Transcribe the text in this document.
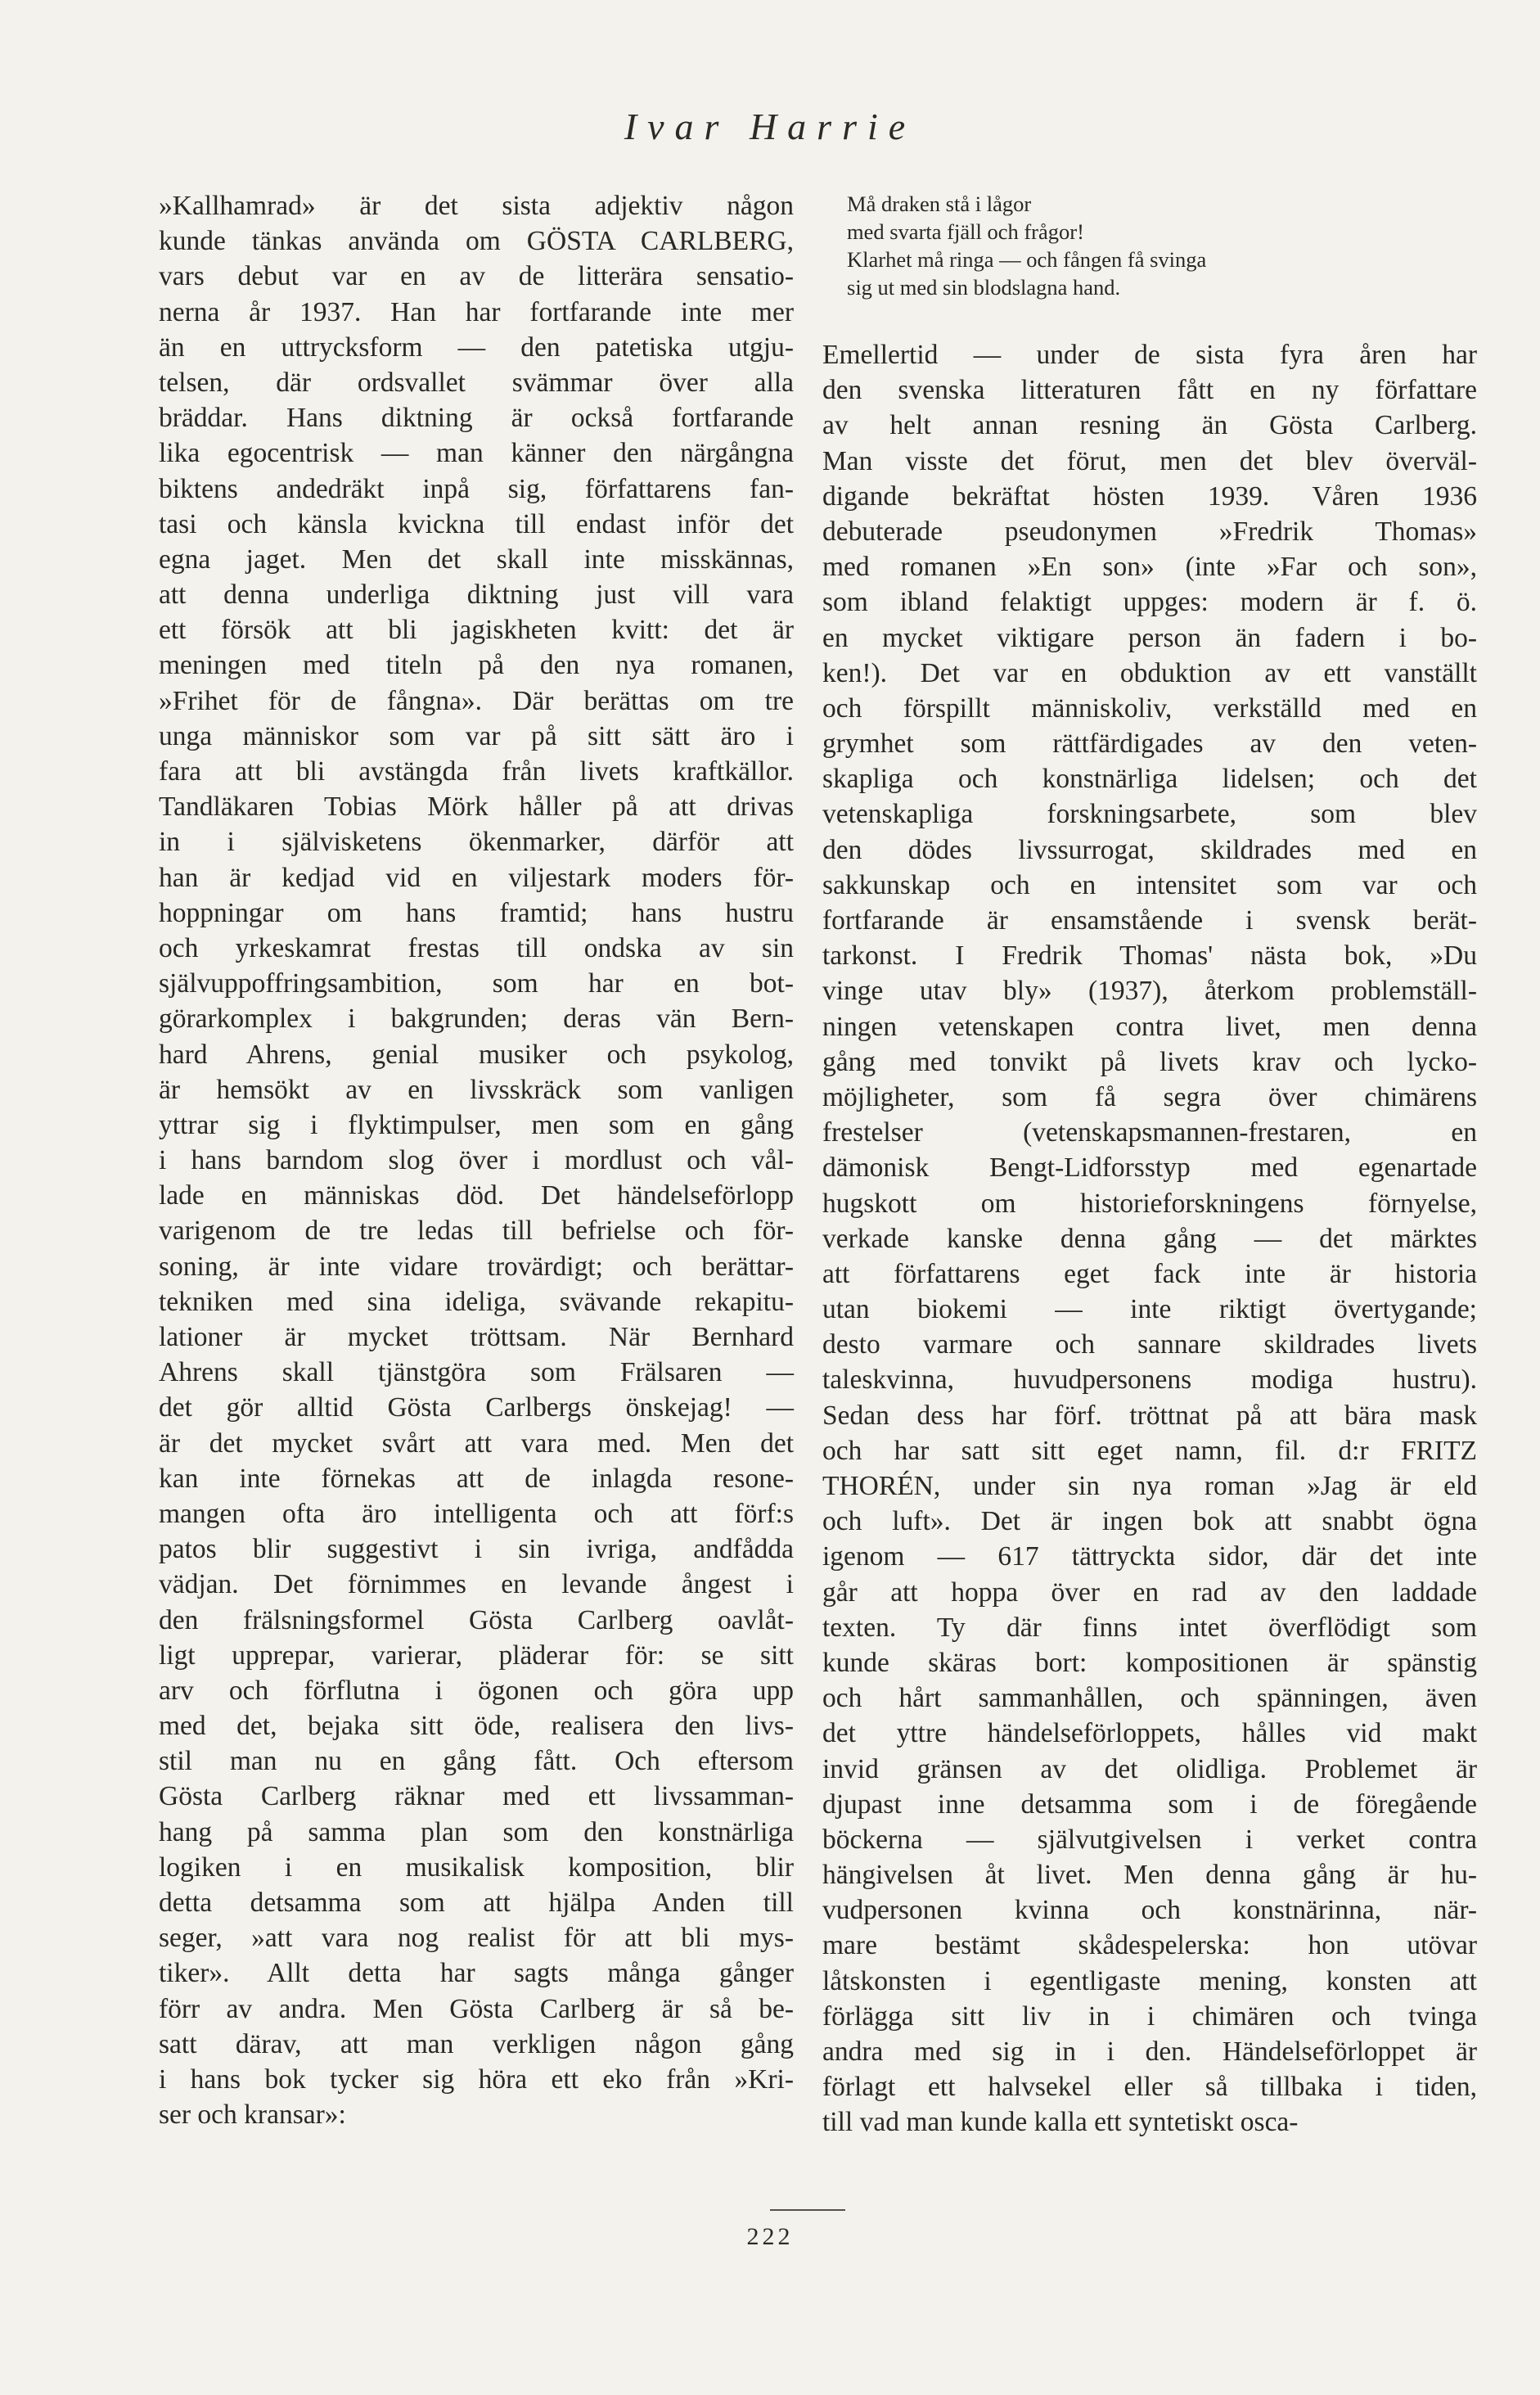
Ivar Harrie
»Kallhamrad» är det sista adjektiv någon
kunde tänkas använda om GÖSTA CARLBERG,
vars debut var en av de litterära sensatio-
nerna år 1937. Han har fortfarande inte mer
än en uttrycksform — den patetiska utgju-
telsen, där ordsvallet svämmar över alla
bräddar. Hans diktning är också fortfarande
lika egocentrisk — man känner den närgångna
biktens andedräkt inpå sig, författarens fan-
tasi och känsla kvickna till endast inför det
egna jaget. Men det skall inte misskännas,
att denna underliga diktning just vill vara
ett försök att bli jagiskheten kvitt: det är
meningen med titeln på den nya romanen,
»Frihet för de fångna». Där berättas om tre
unga människor som var på sitt sätt äro i
fara att bli avstängda från livets kraftkällor.
Tandläkaren Tobias Mörk håller på att drivas
in i självisketens ökenmarker, därför att
han är kedjad vid en viljestark moders för-
hoppningar om hans framtid; hans hustru
och yrkeskamrat frestas till ondska av sin
självuppoffringsambition, som har en bot-
görarkomplex i bakgrunden; deras vän Bern-
hard Ahrens, genial musiker och psykolog,
är hemsökt av en livsskräck som vanligen
yttrar sig i flyktimpulser, men som en gång
i hans barndom slog över i mordlust och vål-
lade en människas död. Det händelseförlopp
varigenom de tre ledas till befrielse och för-
soning, är inte vidare trovärdigt; och berättar-
tekniken med sina ideliga, svävande rekapitu-
lationer är mycket tröttsam. När Bernhard
Ahrens skall tjänstgöra som Frälsaren —
det gör alltid Gösta Carlbergs önskejag! —
är det mycket svårt att vara med. Men det
kan inte förnekas att de inlagda resone-
mangen ofta äro intelligenta och att förf:s
patos blir suggestivt i sin ivriga, andfådda
vädjan. Det förnimmes en levande ångest i
den frälsningsformel Gösta Carlberg oavlåt-
ligt upprepar, varierar, pläderar för: se sitt
arv och förflutna i ögonen och göra upp
med det, bejaka sitt öde, realisera den livs-
stil man nu en gång fått. Och eftersom
Gösta Carlberg räknar med ett livssamman-
hang på samma plan som den konstnärliga
logiken i en musikalisk komposition, blir
detta detsamma som att hjälpa Anden till
seger, »att vara nog realist för att bli mys-
tiker». Allt detta har sagts många gånger
förr av andra. Men Gösta Carlberg är så be-
satt därav, att man verkligen någon gång
i hans bok tycker sig höra ett eko från »Kri-
ser och kransar»:
Må draken stå i lågor
med svarta fjäll och frågor!
Klarhet må ringa — och fången få svinga
sig ut med sin blodslagna hand.
Emellertid — under de sista fyra åren har
den svenska litteraturen fått en ny författare
av helt annan resning än Gösta Carlberg.
Man visste det förut, men det blev överväl-
digande bekräftat hösten 1939. Våren 1936
debuterade pseudonymen »Fredrik Thomas»
med romanen »En son» (inte »Far och son»,
som ibland felaktigt uppges: modern är f. ö.
en mycket viktigare person än fadern i bo-
ken!). Det var en obduktion av ett vanställt
och förspillt människoliv, verkställd med en
grymhet som rättfärdigades av den veten-
skapliga och konstnärliga lidelsen; och det
vetenskapliga forskningsarbete, som blev
den dödes livssurrogat, skildrades med en
sakkunskap och en intensitet som var och
fortfarande är ensamstående i svensk berät-
tarkonst. I Fredrik Thomas' nästa bok, »Du
vinge utav bly» (1937), återkom problemställ-
ningen vetenskapen contra livet, men denna
gång med tonvikt på livets krav och lycko-
möjligheter, som få segra över chimärens
frestelser (vetenskapsmannen-frestaren, en
dämonisk Bengt-Lidforsstyp med egenartade
hugskott om historieforskningens förnyelse,
verkade kanske denna gång — det märktes
att författarens eget fack inte är historia
utan biokemi — inte riktigt övertygande;
desto varmare och sannare skildrades livets
taleskvinna, huvudpersonens modiga hustru).
Sedan dess har förf. tröttnat på att bära mask
och har satt sitt eget namn, fil. d:r FRITZ
THORÉN, under sin nya roman »Jag är eld
och luft». Det är ingen bok att snabbt ögna
igenom — 617 tättryckta sidor, där det inte
går att hoppa över en rad av den laddade
texten. Ty där finns intet överflödigt som
kunde skäras bort: kompositionen är spänstig
och hårt sammanhållen, och spänningen, även
det yttre händelseförloppets, hålles vid makt
invid gränsen av det olidliga. Problemet är
djupast inne detsamma som i de föregående
böckerna — självutgivelsen i verket contra
hängivelsen åt livet. Men denna gång är hu-
vudpersonen kvinna och konstnärinna, när-
mare bestämt skådespelerska: hon utövar
låtskonsten i egentligaste mening, konsten att
förlägga sitt liv in i chimären och tvinga
andra med sig in i den. Händelseförloppet är
förlagt ett halvsekel eller så tillbaka i tiden,
till vad man kunde kalla ett syntetiskt osca-
222
